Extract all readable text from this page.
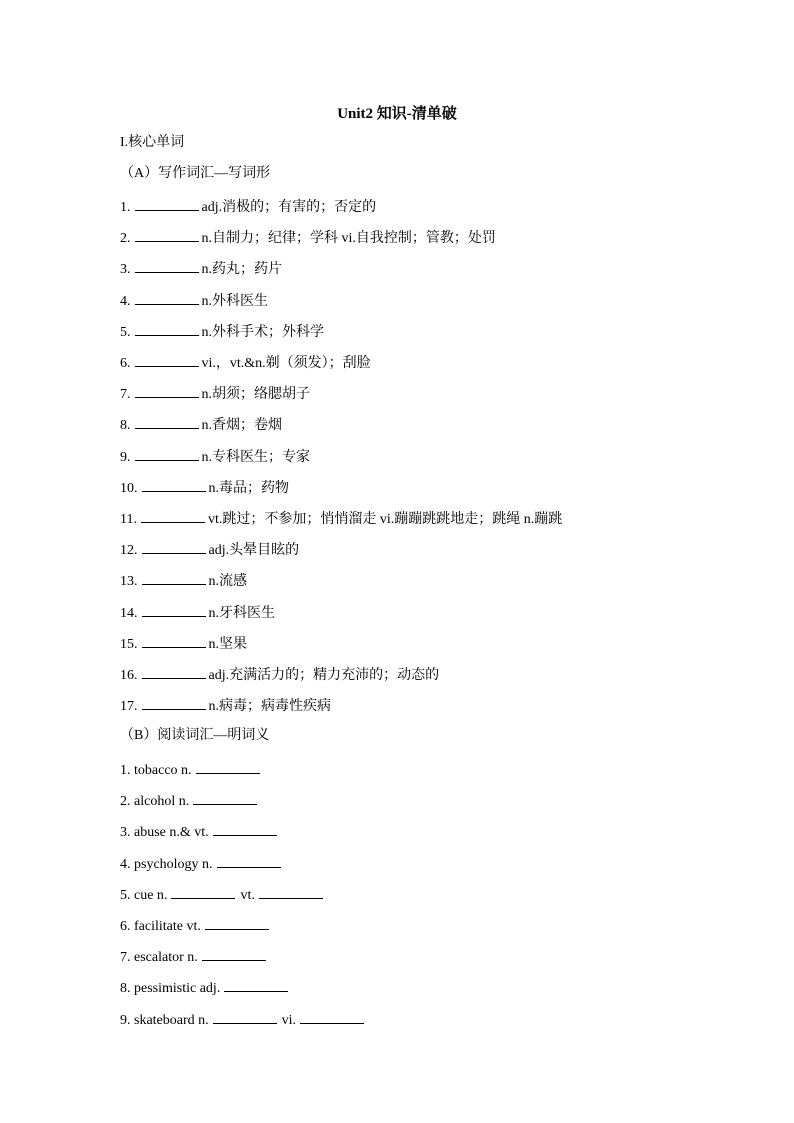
Unit2 知识-清单破
I.核心单词
（A）写作词汇—写词形
1.	adj.消极的；有害的；否定的
2.	n.自制力；纪律；学科 vi.自我控制；管教；处罚
3.	n.药丸；药片
4.	n.外科医生
5.	n.外科手术；外科学
6.	vi.，vt.&n.剃（须发）；刮脸
7.	n.胡须；络腮胡子
8.	n.香烟；卷烟
9.	n.专科医生；专家
10.	n.毒品；药物
11.	vt.跳过；不参加；悄悄溜走 vi.蹦蹦跳跳地走；跳绳 n.蹦跳
12.	adj.头晕目眩的
13.	n.流感
14.	n.牙科医生
15.	n.坚果
16.	adj.充满活力的；精力充沛的；动态的
17.	n.病毒；病毒性疾病
（B）阅读词汇—明词义
1. tobacco n.
2. alcohol n.
3. abuse n.& vt.
4. psychology n.
5. cue n.	vt.
6. facilitate vt.
7. escalator n.
8. pessimistic adj.
9. skateboard n.	vi.
